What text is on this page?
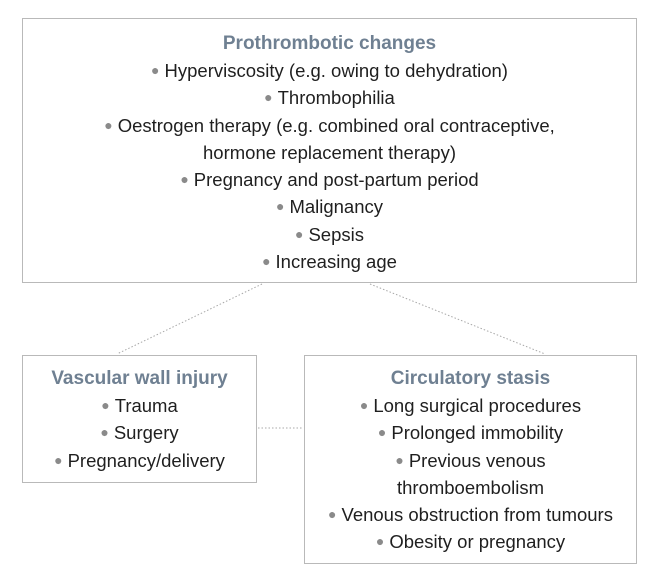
Prothrombotic changes
● Hyperviscosity (e.g. owing to dehydration)
● Thrombophilia
● Oestrogen therapy (e.g. combined oral contraceptive,
hormone replacement therapy)
● Pregnancy and post-partum period
● Malignancy
● Sepsis
● Increasing age
Vascular wall injury
● Trauma
● Surgery
● Pregnancy/delivery
Circulatory stasis
● Long surgical procedures
● Prolonged immobility
● Previous venous
thromboembolism
● Venous obstruction from tumours
● Obesity or pregnancy
